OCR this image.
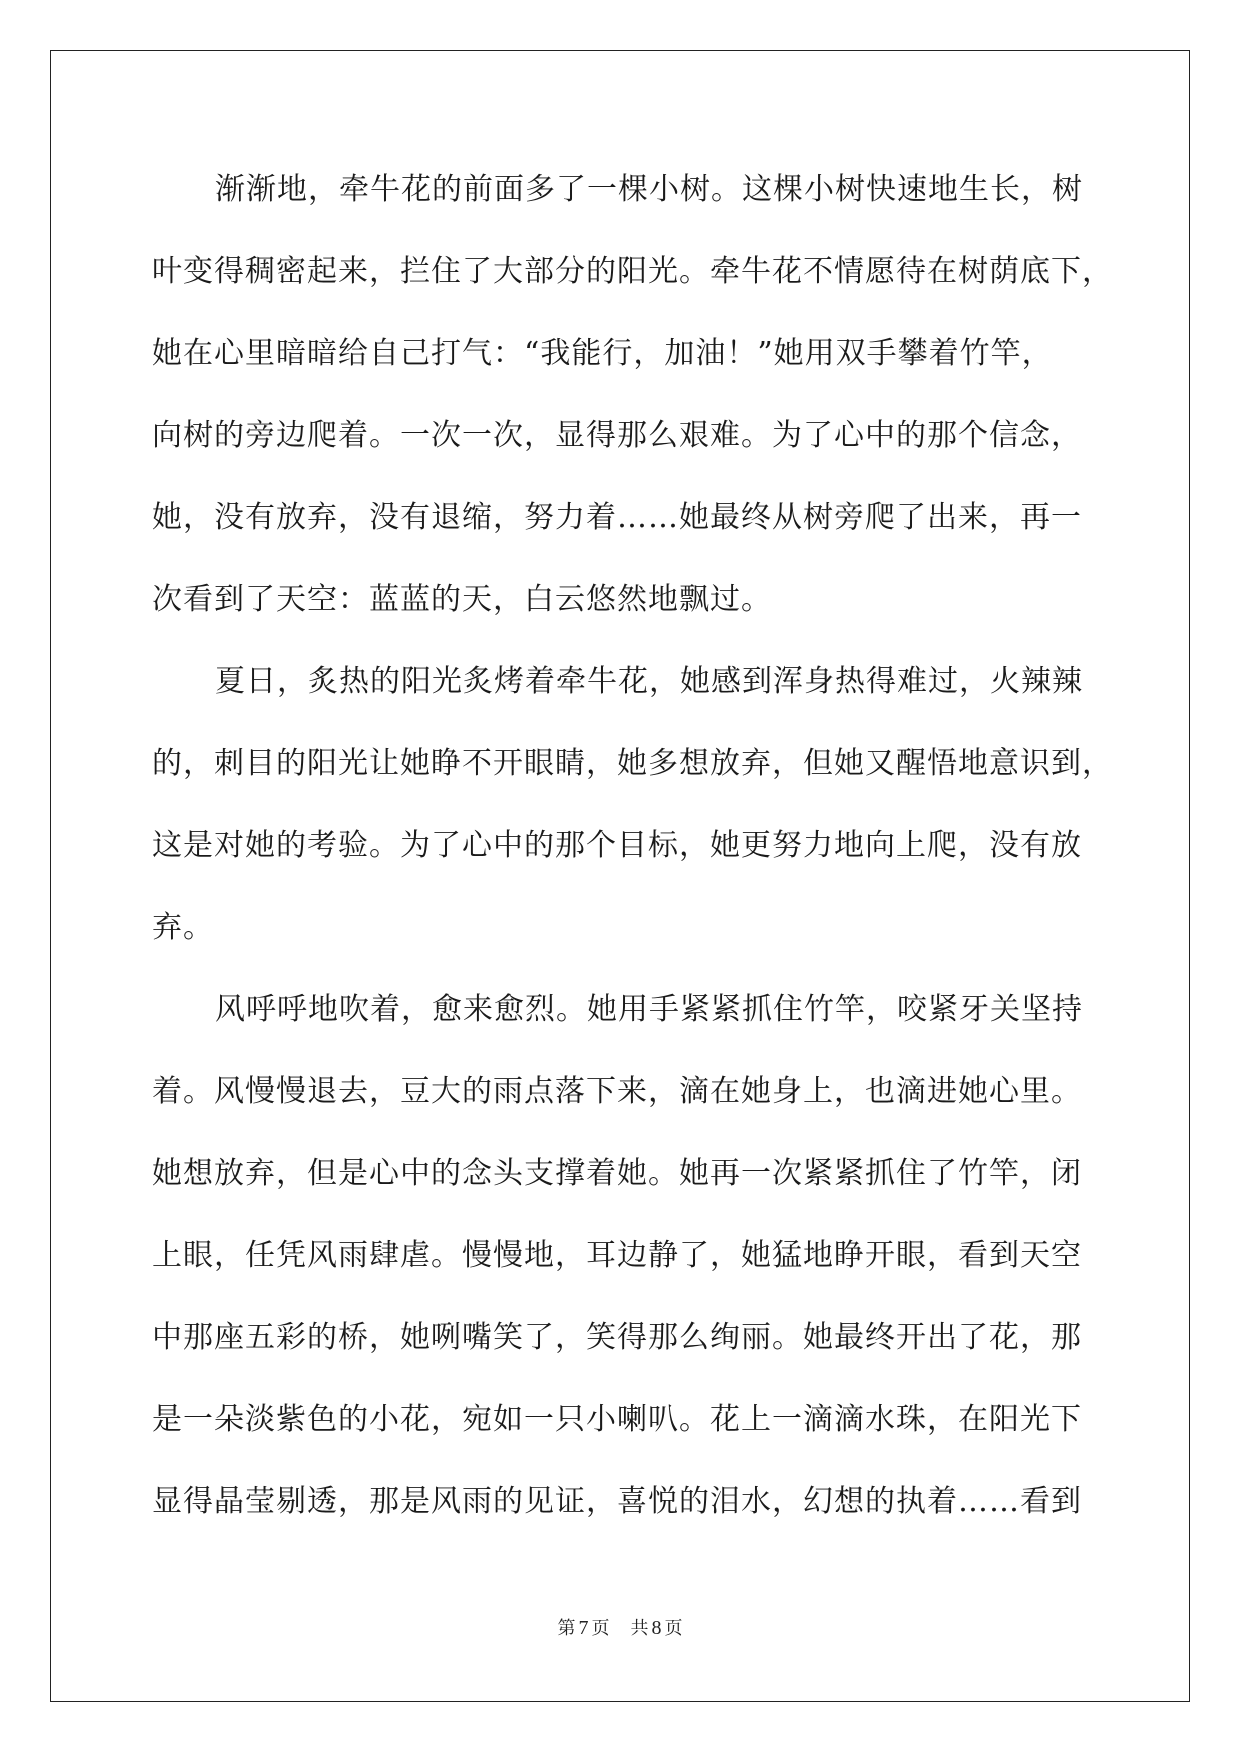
渐渐地，牵牛花的前面多了一棵小树。这棵小树快速地生长，树
叶变得稠密起来，拦住了大部分的阳光。牵牛花不情愿待在树荫底下，
她在心里暗暗给自己打气：“我能行，加油！”她用双手攀着竹竿，
向树的旁边爬着。一次一次，显得那么艰难。为了心中的那个信念，
她，没有放弃，没有退缩，努力着……她最终从树旁爬了出来，再一
次看到了天空：蓝蓝的天，白云悠然地飘过。
夏日，炙热的阳光炙烤着牵牛花，她感到浑身热得难过，火辣辣
的，刺目的阳光让她睁不开眼睛，她多想放弃，但她又醒悟地意识到，
这是对她的考验。为了心中的那个目标，她更努力地向上爬，没有放
弃。
风呼呼地吹着，愈来愈烈。她用手紧紧抓住竹竿，咬紧牙关坚持
着。风慢慢退去，豆大的雨点落下来，滴在她身上，也滴进她心里。
她想放弃，但是心中的念头支撑着她。她再一次紧紧抓住了竹竿，闭
上眼，任凭风雨肆虐。慢慢地，耳边静了，她猛地睁开眼，看到天空
中那座五彩的桥，她咧嘴笑了，笑得那么绚丽。她最终开出了花，那
是一朵淡紫色的小花，宛如一只小喇叭。花上一滴滴水珠，在阳光下
显得晶莹剔透，那是风雨的见证，喜悦的泪水，幻想的执着……看到
第 7 页 共 8 页
